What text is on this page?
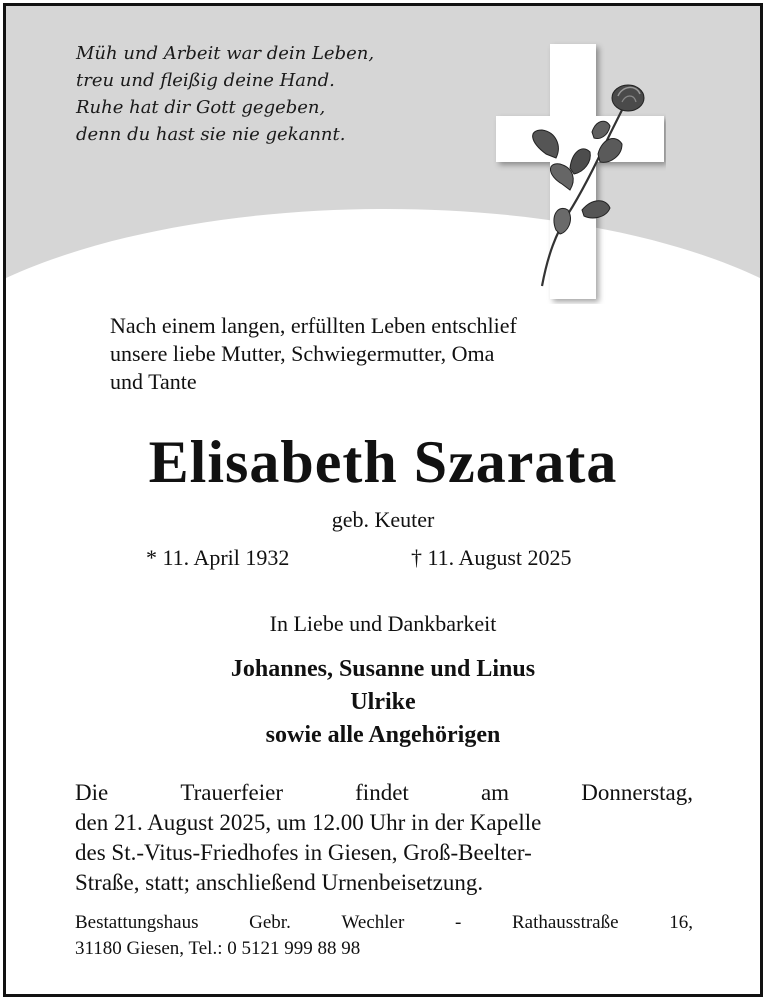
Müh und Arbeit war dein Leben,
treu und fleißig deine Hand.
Ruhe hat dir Gott gegeben,
denn du hast sie nie gekannt.
Nach einem langen, erfüllten Leben entschlief
unsere liebe Mutter, Schwiegermutter, Oma
und Tante
Elisabeth Szarata
geb. Keuter
* 11. April 1932	† 11. August 2025
In Liebe und Dankbarkeit
Johannes, Susanne und Linus
Ulrike
sowie alle Angehörigen
Die	Trauerfeier	findet	am	Donnerstag,
den 21. August 2025, um 12.00 Uhr in der Kapelle
des St.-Vitus-Friedhofes in Giesen, Groß-Beelter-
Straße, statt; anschließend Urnenbeisetzung.
Bestattungshaus	Gebr.	Wechler	-	Rathausstraße	16,
31180 Giesen, Tel.: 0 5121 999 88 98
